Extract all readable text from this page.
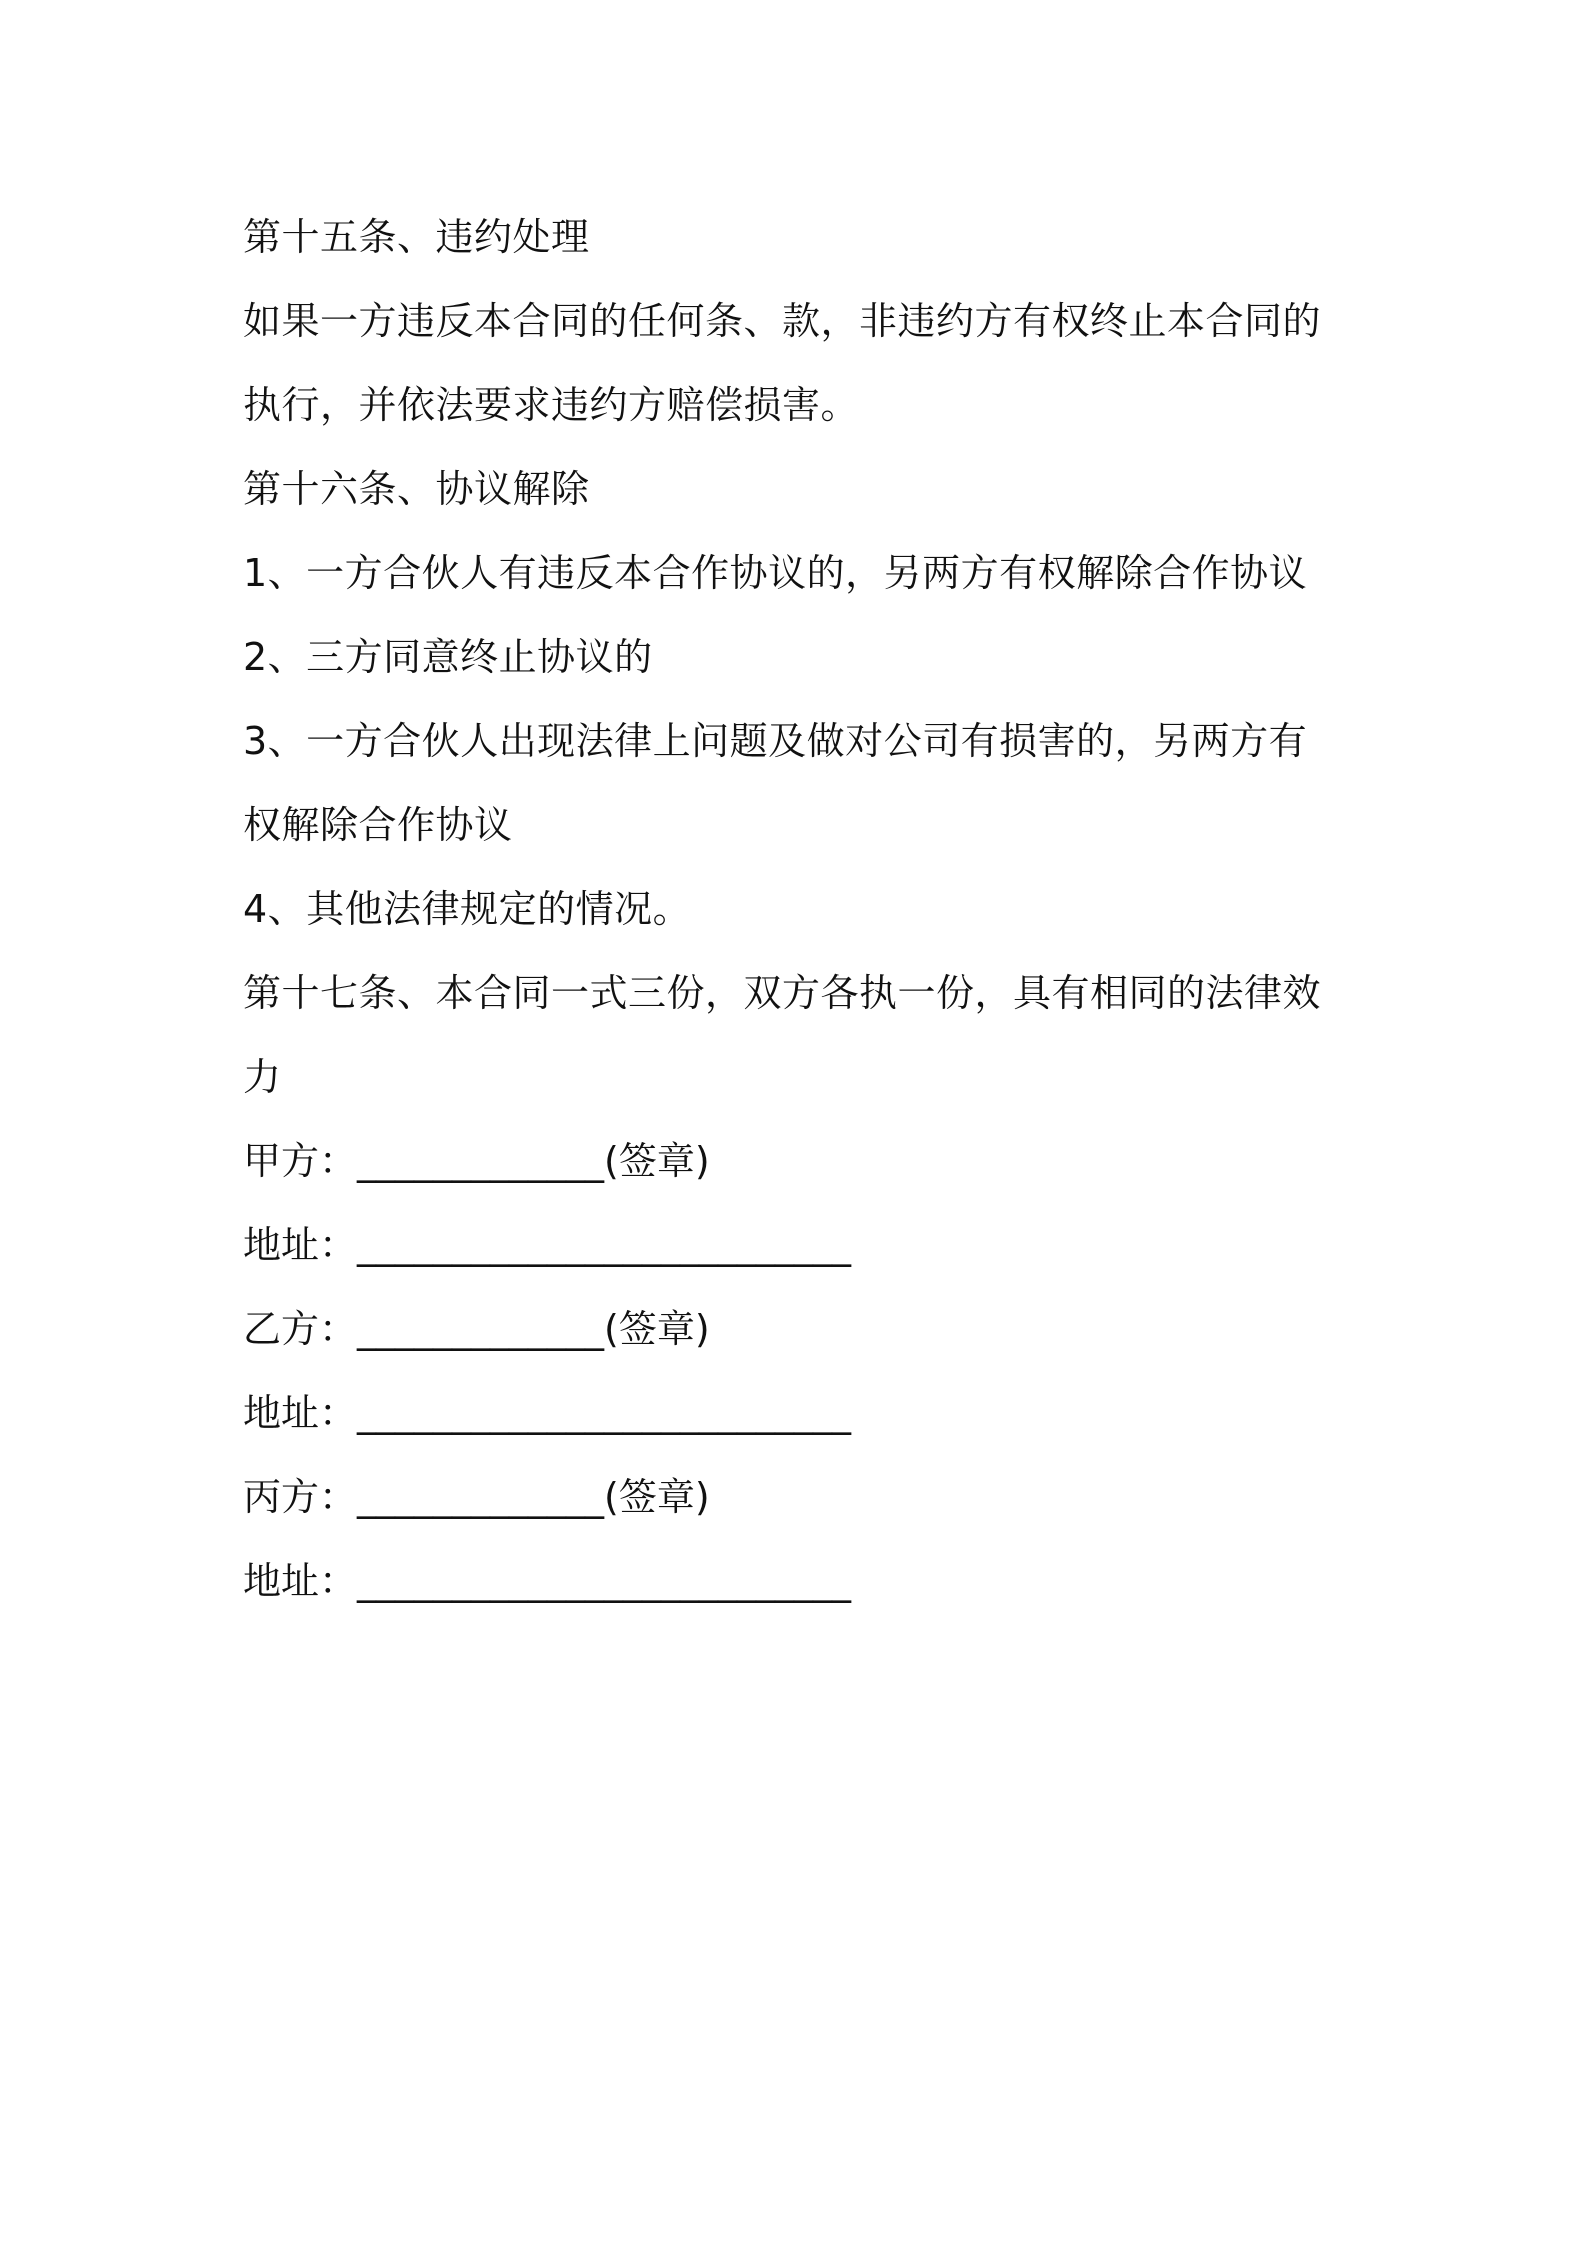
第十五条、违约处理
如果一方违反本合同的任何条、款，非违约方有权终止本合同的
执行，并依法要求违约方赔偿损害。
第十六条、协议解除
1、一方合伙人有违反本合作协议的，另两方有权解除合作协议
2、三方同意终止协议的
3、一方合伙人出现法律上问题及做对公司有损害的，另两方有
权解除合作协议
4、其他法律规定的情况。
第十七条、本合同一式三份，双方各执一份，具有相同的法律效
力
甲方：_____________(签章)
地址：__________________________
乙方：_____________(签章)
地址：__________________________
丙方：_____________(签章)
地址：__________________________
